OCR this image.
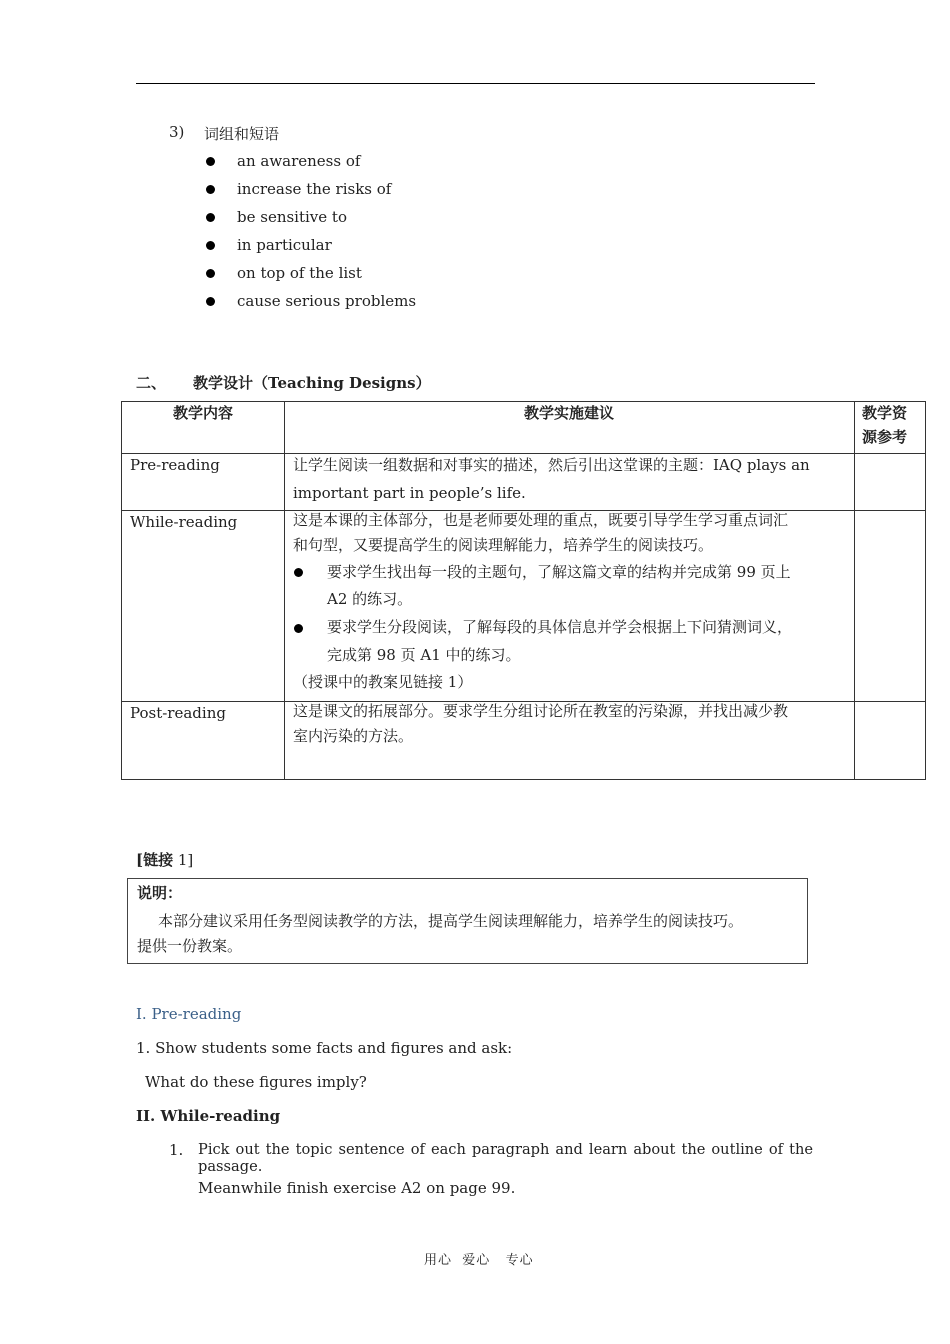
3) 词组和短语
an awareness of
increase the risks of
be sensitive to
in particular
on top of the list
cause serious problems
二、 教学设计（Teaching Designs）
教学内容	教学实施建议	教学资
源参考
Pre-reading	让学生阅读一组数据和对事实的描述，然后引出这堂课的主题：IAQ plays an
important part in people’s life.
While-reading	这是本课的主体部分，也是老师要处理的重点，既要引导学生学习重点词汇
和句型，又要提高学生的阅读理解能力，培养学生的阅读技巧。
要求学生找出每一段的主题句，了解这篇文章的结构并完成第 99 页上
A2 的练习。
要求学生分段阅读，了解每段的具体信息并学会根据上下问猜测词义，
完成第 98 页 A1 中的练习。
（授课中的教案见链接 1）
Post-reading	这是课文的拓展部分。要求学生分组讨论所在教室的污染源，并找出减少教
室内污染的方法。
[链接 1]
说明：
本部分建议采用任务型阅读教学的方法，提高学生阅读理解能力，培养学生的阅读技巧。
提供一份教案。
I. Pre-reading
1. Show students some facts and figures and ask:
What do these figures imply?
II. While-reading
1. Pick out the topic sentence of each paragraph and learn about the outline of the passage.
Meanwhile finish exercise A2 on page 99.
用心  爱心   专心
